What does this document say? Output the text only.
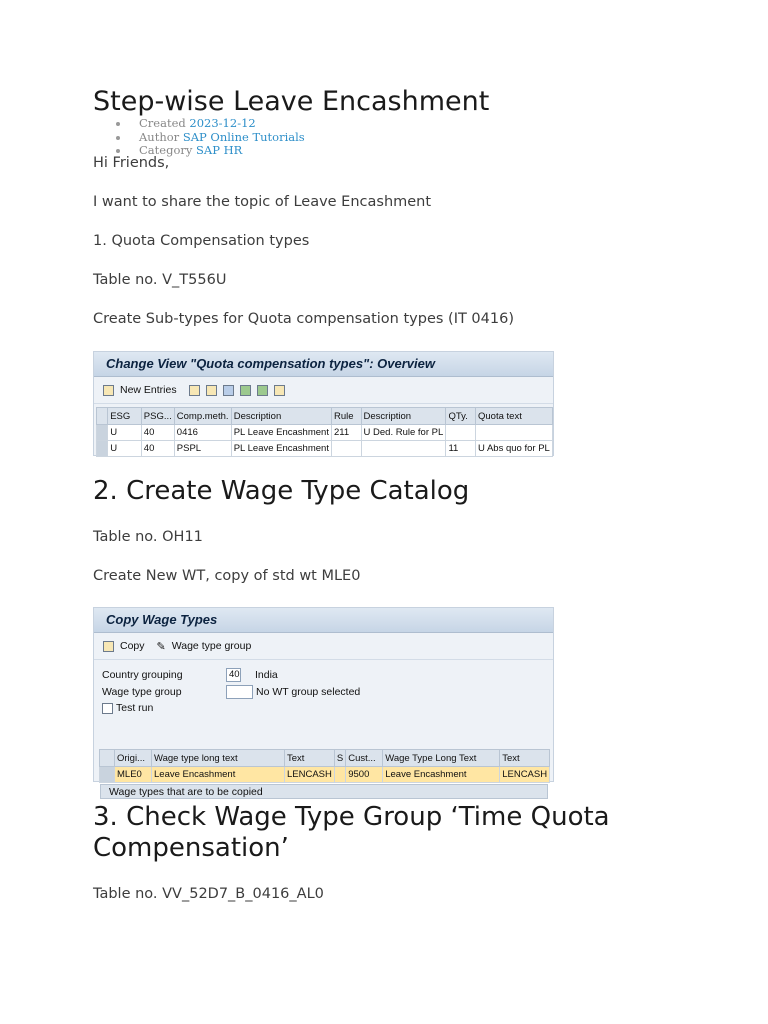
Step-wise Leave Encashment
Created 2023-12-12
Author SAP Online Tutorials
Category SAP HR

Hi Friends,

I want to share the topic of Leave Encashment

1. Quota Compensation types

Table no. V_T556U

Create Sub-types for Quota compensation types (IT 0416)

Change View "Quota compensation types": Overview
New Entries
	ESG	PSG...	Comp.meth.	Description	Rule	Description	QTy.	Quota text
	U	40	0416	PL Leave Encashment	211	U Ded. Rule for PL		
	U	40	PSPL	PL Leave Encashment			11	U Abs quo for PL
2. Create Wage Type Catalog

Table no. OH11

Create New WT, copy of std wt MLE0

Copy Wage Types
Copy ✎ Wage type group
Country grouping	40 India
Wage type group	No WT group selected
Test run
Wage types that are to be copied
	Origi...	Wage type long text	Text	S	Cust...	Wage Type Long Text	Text
	MLE0	Leave Encashment	LENCASH		9500	Leave Encashment	LENCASH
3. Check Wage Type Group ‘Time Quota Compensation’

Table no. VV_52D7_B_0416_AL0
